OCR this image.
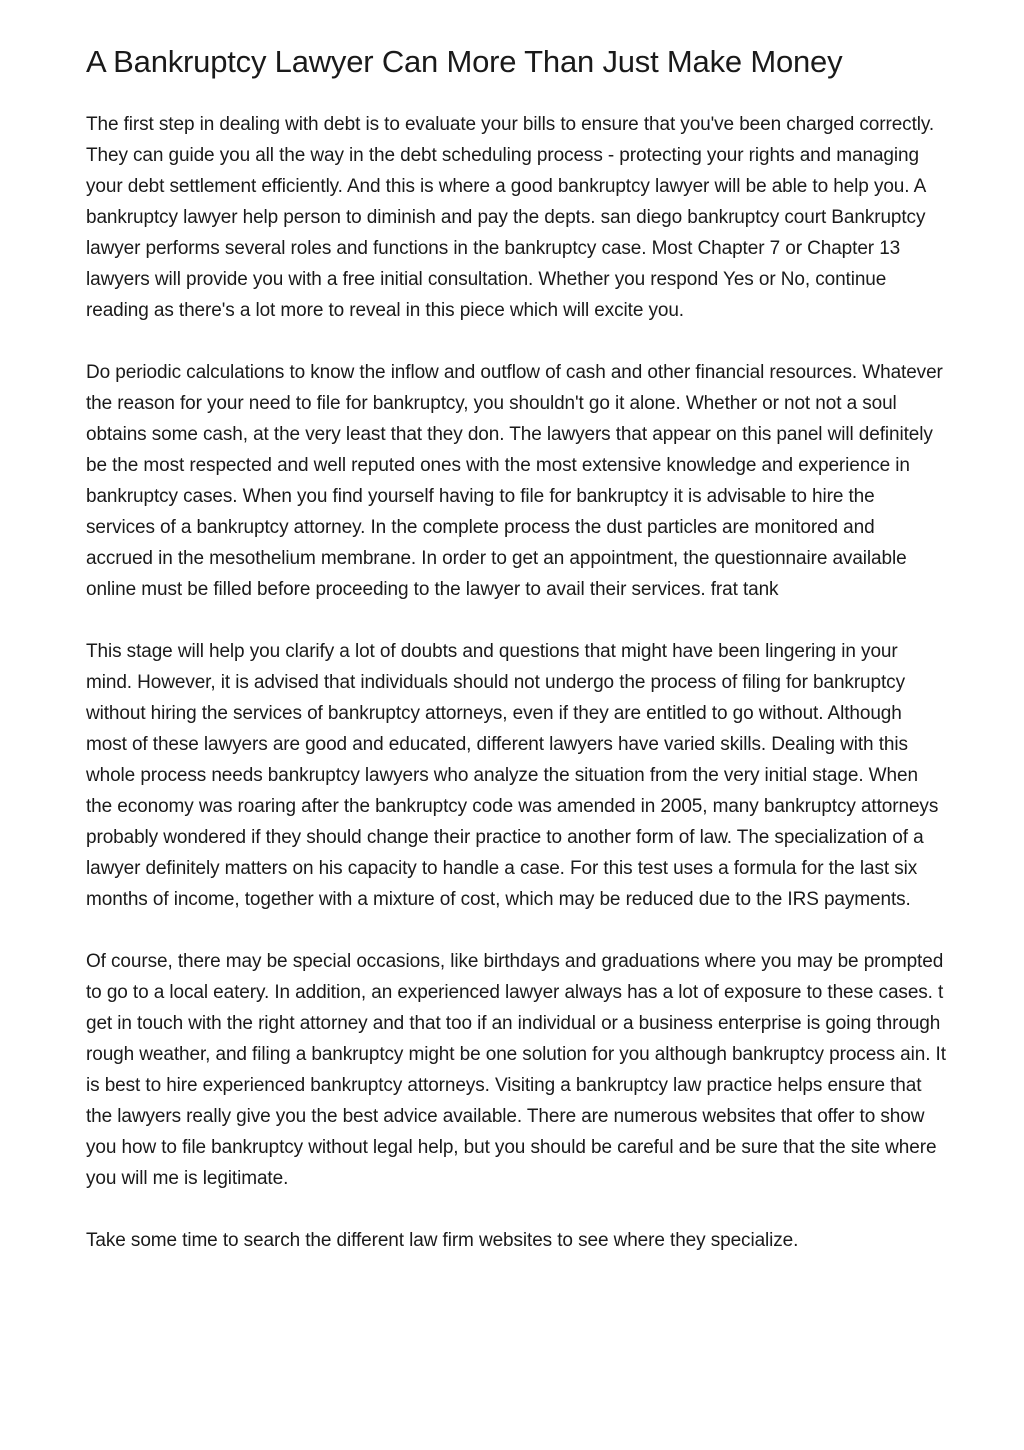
A Bankruptcy Lawyer Can More Than Just Make Money

The first step in dealing with debt is to evaluate your bills to ensure that you've been charged correctly. They can guide you all the way in the debt scheduling process - protecting your rights and managing your debt settlement efficiently. And this is where a good bankruptcy lawyer will be able to help you. A bankruptcy lawyer help person to diminish and pay the depts. san diego bankruptcy court Bankruptcy lawyer performs several roles and functions in the bankruptcy case. Most Chapter 7 or Chapter 13 lawyers will provide you with a free initial consultation. Whether you respond Yes or No, continue reading as there's a lot more to reveal in this piece which will excite you.

Do periodic calculations to know the inflow and outflow of cash and other financial resources. Whatever the reason for your need to file for bankruptcy, you shouldn't go it alone. Whether or not not a soul obtains some cash, at the very least that they don. The lawyers that appear on this panel will definitely be the most respected and well reputed ones with the most extensive knowledge and experience in bankruptcy cases. When you find yourself having to file for bankruptcy it is advisable to hire the services of a bankruptcy attorney. In the complete process the dust particles are monitored and accrued in the mesothelium membrane. In order to get an appointment, the questionnaire available online must be filled before proceeding to the lawyer to avail their services. frat tank

This stage will help you clarify a lot of doubts and questions that might have been lingering in your mind. However, it is advised that individuals should not undergo the process of filing for bankruptcy without hiring the services of bankruptcy attorneys, even if they are entitled to go without. Although most of these lawyers are good and educated, different lawyers have varied skills. Dealing with this whole process needs bankruptcy lawyers who analyze the situation from the very initial stage. When the economy was roaring after the bankruptcy code was amended in 2005, many bankruptcy attorneys probably wondered if they should change their practice to another form of law. The specialization of a lawyer definitely matters on his capacity to handle a case. For this test uses a formula for the last six months of income, together with a mixture of cost, which may be reduced due to the IRS payments.

Of course, there may be special occasions, like birthdays and graduations where you may be prompted to go to a local eatery. In addition, an experienced lawyer always has a lot of exposure to these cases. t get in touch with the right attorney and that too if an individual or a business enterprise is going through rough weather, and filing a bankruptcy might be one solution for you although bankruptcy process ain. It is best to hire experienced bankruptcy attorneys. Visiting a bankruptcy law practice helps ensure that the lawyers really give you the best advice available. There are numerous websites that offer to show you how to file bankruptcy without legal help, but you should be careful and be sure that the site where you will me is legitimate.

Take some time to search the different law firm websites to see where they specialize.
